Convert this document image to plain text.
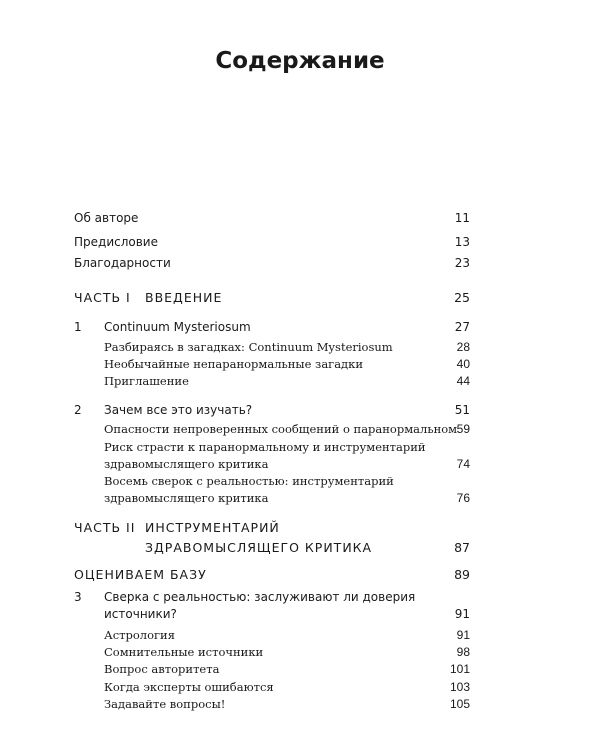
Содержание
Об авторе	11
Предисловие	13
Благодарности	23
ЧАСТЬ I ВВЕДЕНИЕ	25
1 Continuum Mysteriosum	27
Разбираясь в загадках: Continuum Mysteriosum	28
Необычайные непаранормальные загадки	40
Приглашение	44
2 Зачем все это изучать?	51
Опасности непроверенных сообщений о паранормальном 59
Риск страсти к паранормальному и инструментарий
здравомыслящего критика	74
Восемь сверок с реальностью: инструментарий
здравомыслящего критика	76
ЧАСТЬ II ИНСТРУМЕНТАРИЙ
ЗДРАВОМЫСЛЯЩЕГО КРИТИКА	87
ОЦЕНИВАЕМ БАЗУ	89
3 Сверка с реальностью: заслуживают ли доверия
источники?	91
Астрология	91
Сомнительные источники	98
Вопрос авторитета	101
Когда эксперты ошибаются	103
Задавайте вопросы!	105
